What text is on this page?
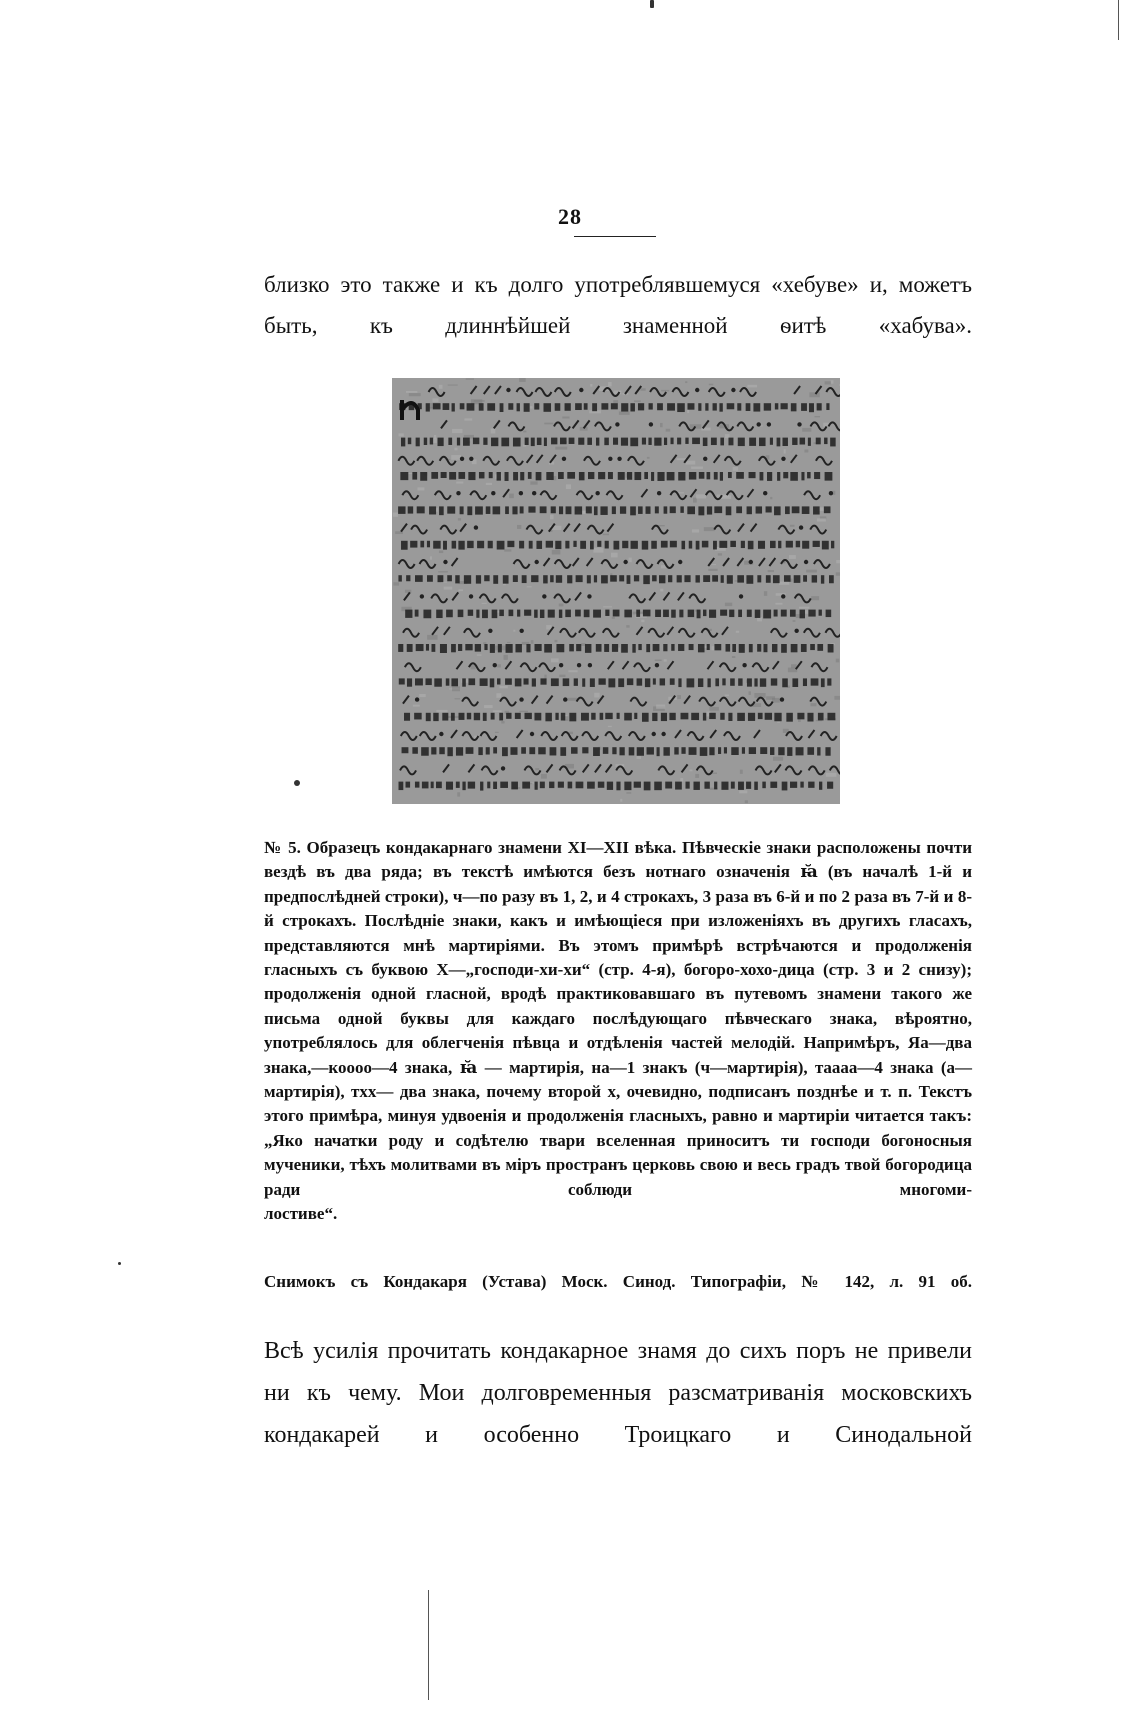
28
близко это также и къ долго употреблявшемуся «хебуве» и, можетъ быть, къ длиннѣйшей знаменной ѳитѣ «хабува».
№ 5. Образецъ кондакарнаго знамени XI—XII вѣка. Пѣвческіе знаки расположены почти вездѣ въ два ряда; въ текстѣ имѣются безъ нотнаго означенія ꙗ̆ (въ началѣ 1-й и предпослѣдней строки), ч—по разу въ 1, 2, и 4 строкахъ, 3 раза въ 6-й и по 2 раза въ 7-й и 8-й строкахъ. Послѣдніе знаки, какъ и имѣющіеся при изложеніяхъ въ другихъ гласахъ, представляются мнѣ мартиріями. Въ этомъ примѣрѣ встрѣчаются и продолженія гласныхъ съ буквою Х—„господи-хи-хи“ (стр. 4-я), богоро-хохо-дица (стр. 3 и 2 снизу); продолженія одной гласной, вродѣ практиковавшаго въ путевомъ знамени такого же письма одной буквы для каждаго послѣдующаго пѣвческаго знака, вѣроятно, употреблялось для облегченія пѣвца и отдѣленія частей мелодій. Напримѣръ, Яа—два знака,—коооо—4 знака, ꙗ̆ — мартирія, на—1 знакъ (ч—мартирія), тaааа—4 знака (а—мартирія), тхх— два знака, почему второй х, очевидно, подписанъ позднѣе и т. п. Текстъ этого примѣра, минуя удвоенія и продолженія гласныхъ, равно и мартиріи читается такъ: „Яко начатки роду и содѣтелю твари вселенная приноситъ ти господи богоносныя мученики, тѣхъ молитвами въ міръ пространъ церковь свою и весь градъ твой богородица ради соблюди многоми-
лостиве“.
Снимокъ съ Кондакаря (Устава) Моск. Синод. Типографіи, № 142, л. 91 об.
Всѣ усилія прочитать кондакарное знамя до сихъ поръ не привели ни къ чему. Мои долговременныя разсматриванія московскихъ кондакарей и особенно Троицкаго и Синодальной
